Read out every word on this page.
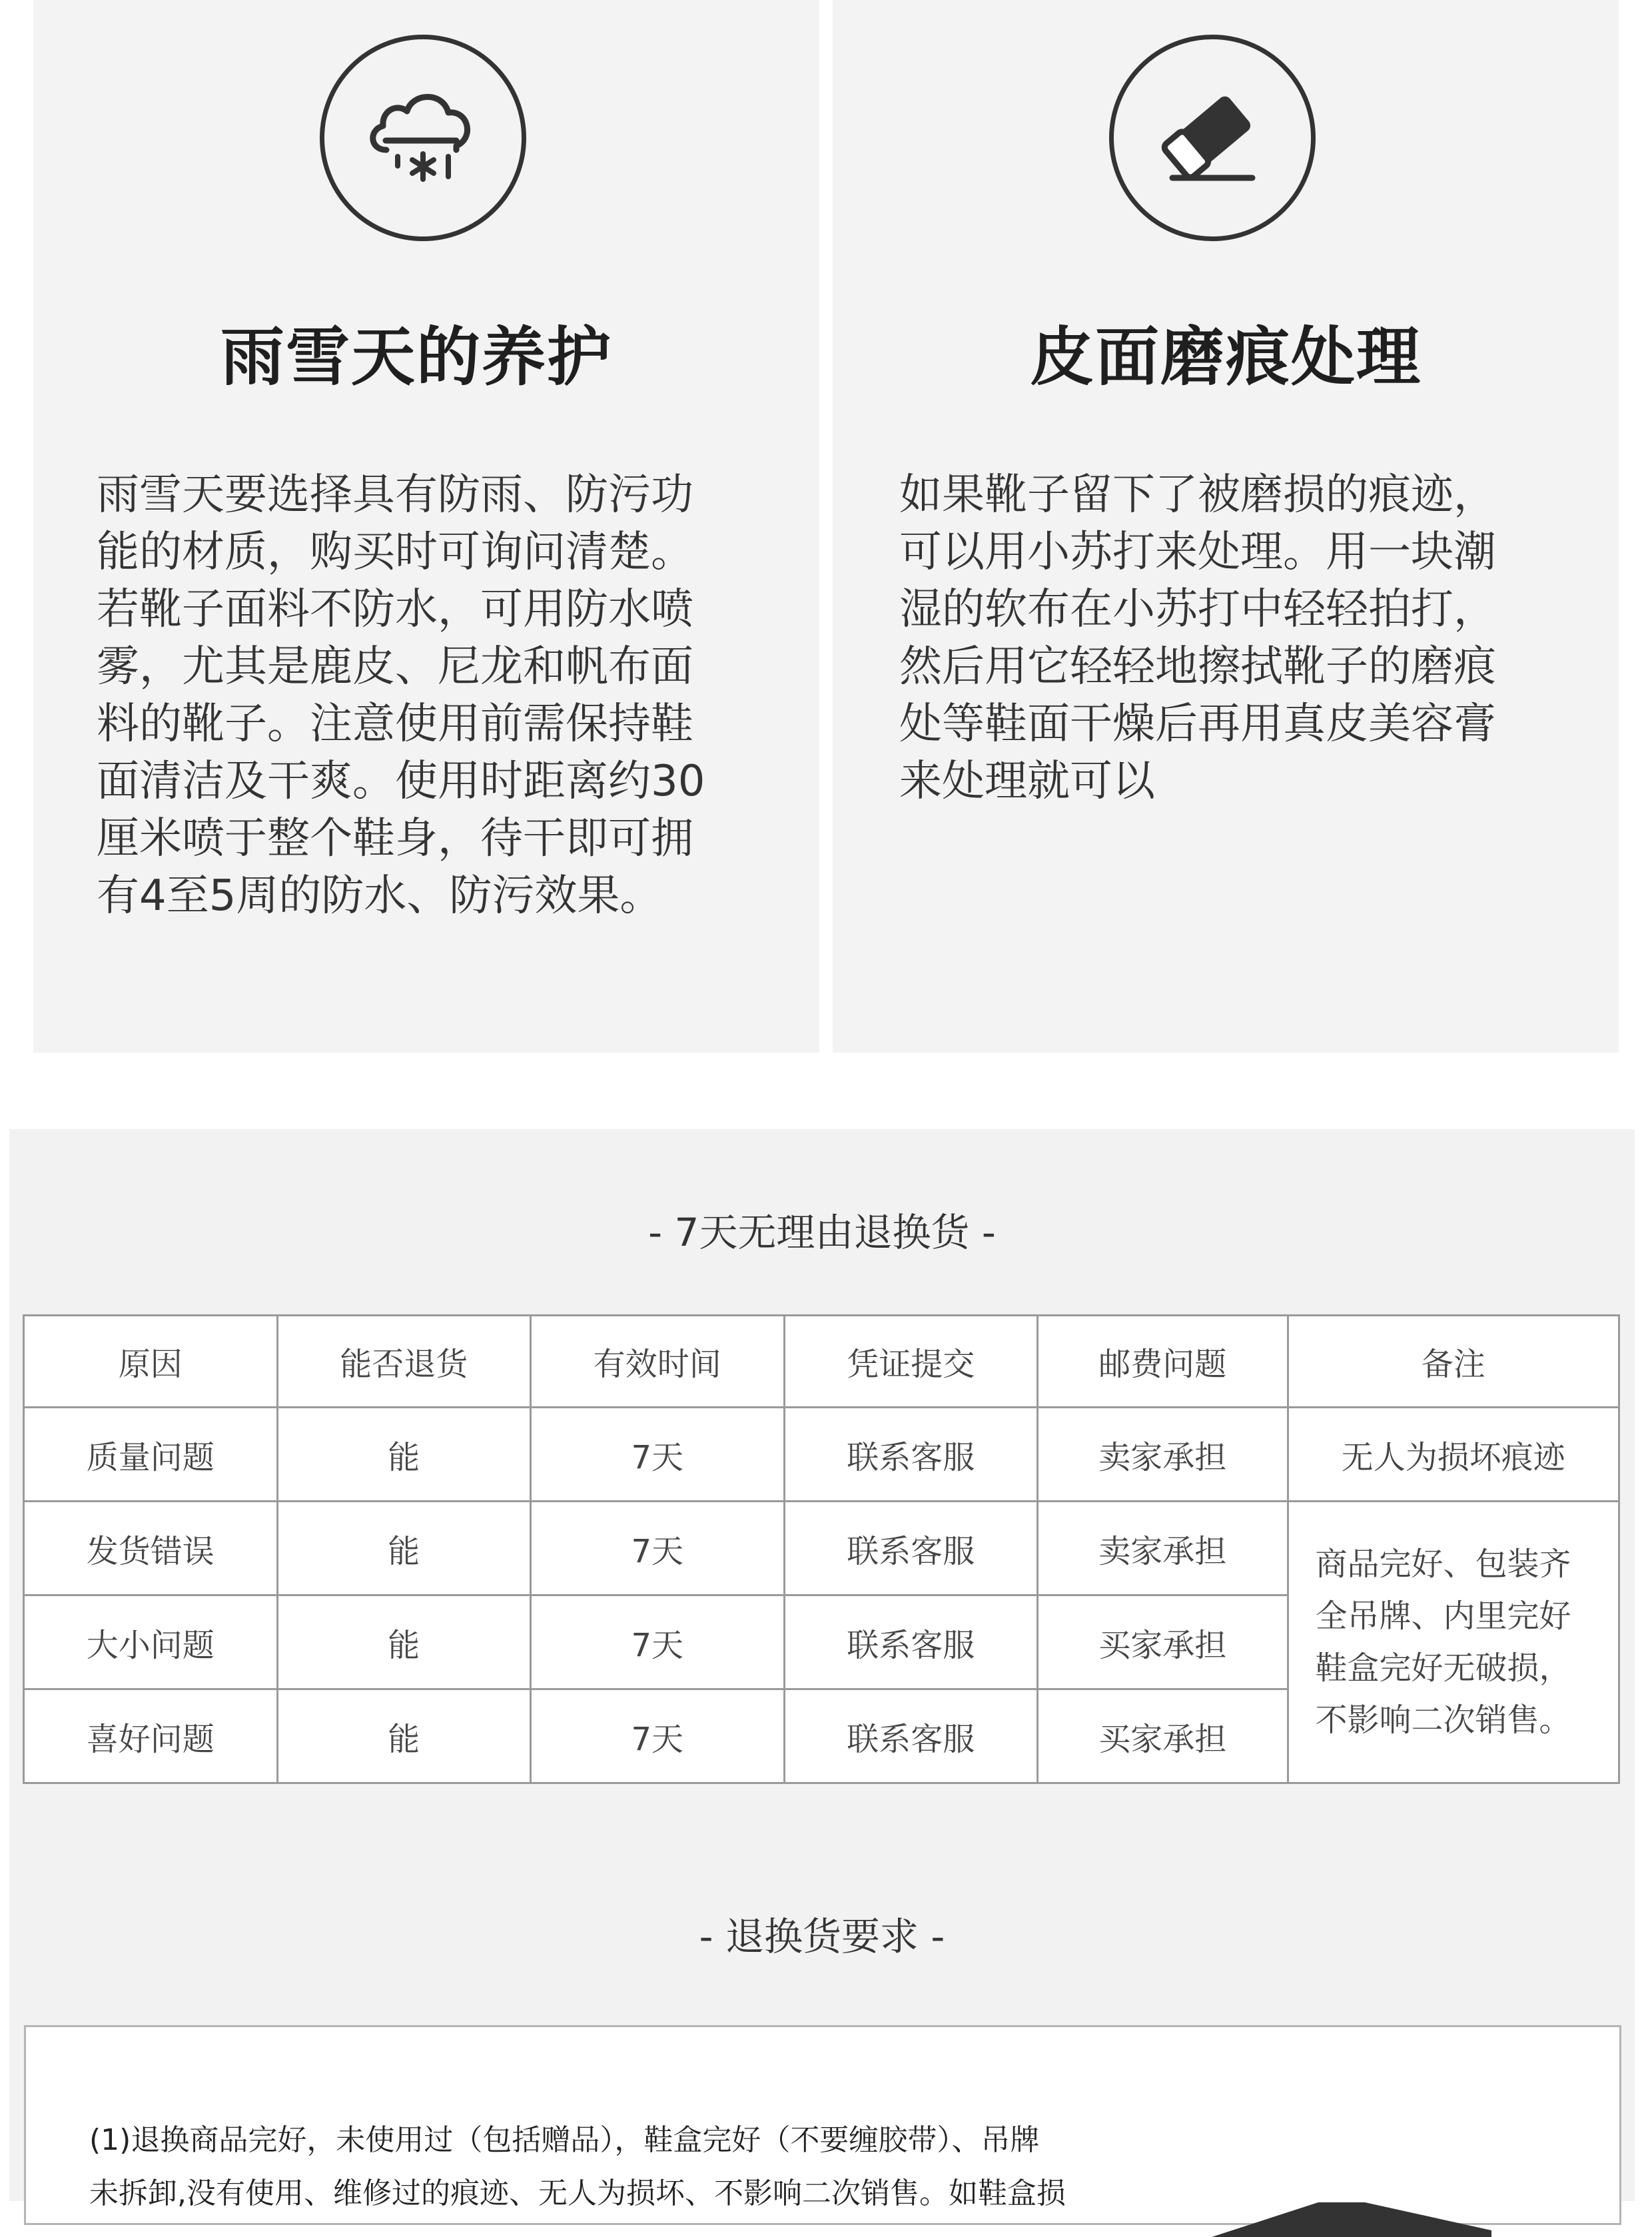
雨雪天的养护
雨雪天要选择具有防雨、防污功
能的材质，购买时可询问清楚。
若靴子面料不防水，可用防水喷
雾，尤其是鹿皮、尼龙和帆布面
料的靴子。注意使用前需保持鞋
面清洁及干爽。使用时距离约30
厘米喷于整个鞋身，待干即可拥
有4至5周的防水、防污效果。
皮面磨痕处理
如果靴子留下了被磨损的痕迹，
可以用小苏打来处理。用一块潮
湿的软布在小苏打中轻轻拍打，
然后用它轻轻地擦拭靴子的磨痕
处等鞋面干燥后再用真皮美容膏
来处理就可以
- 7天无理由退换货 -
原因	能否退货	有效时间	凭证提交	邮费问题	备注
质量问题	能	7天	联系客服	卖家承担	无人为损坏痕迹
发货错误	能	7天	联系客服	卖家承担	商品完好、包装齐
全吊牌、内里完好
鞋盒完好无破损，
不影响二次销售。

大小问题	能	7天	联系客服	买家承担	
喜好问题	能	7天	联系客服	买家承担	
- 退换货要求 -
(1)退换商品完好，未使用过（包括赠品），鞋盒完好（不要缠胶带）、吊牌
未拆卸,没有使用、维修过的痕迹、无人为损坏、不影响二次销售。如鞋盒损
